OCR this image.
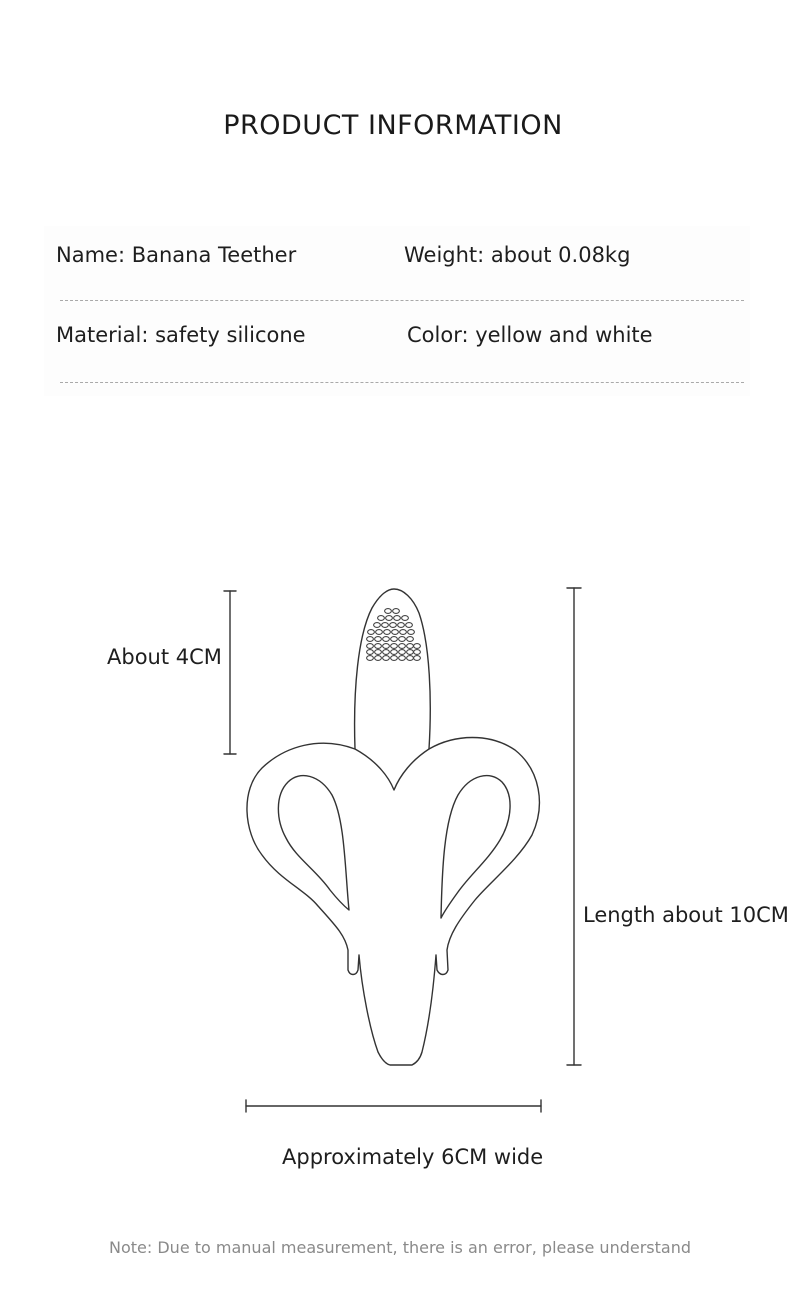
PRODUCT INFORMATION
Name: Banana Teether	Weight: about 0.08kg
Material: safety silicone	Color: yellow and white
About 4CM
Length about 10CM
Approximately 6CM wide
Note: Due to manual measurement, there is an error, please understand
